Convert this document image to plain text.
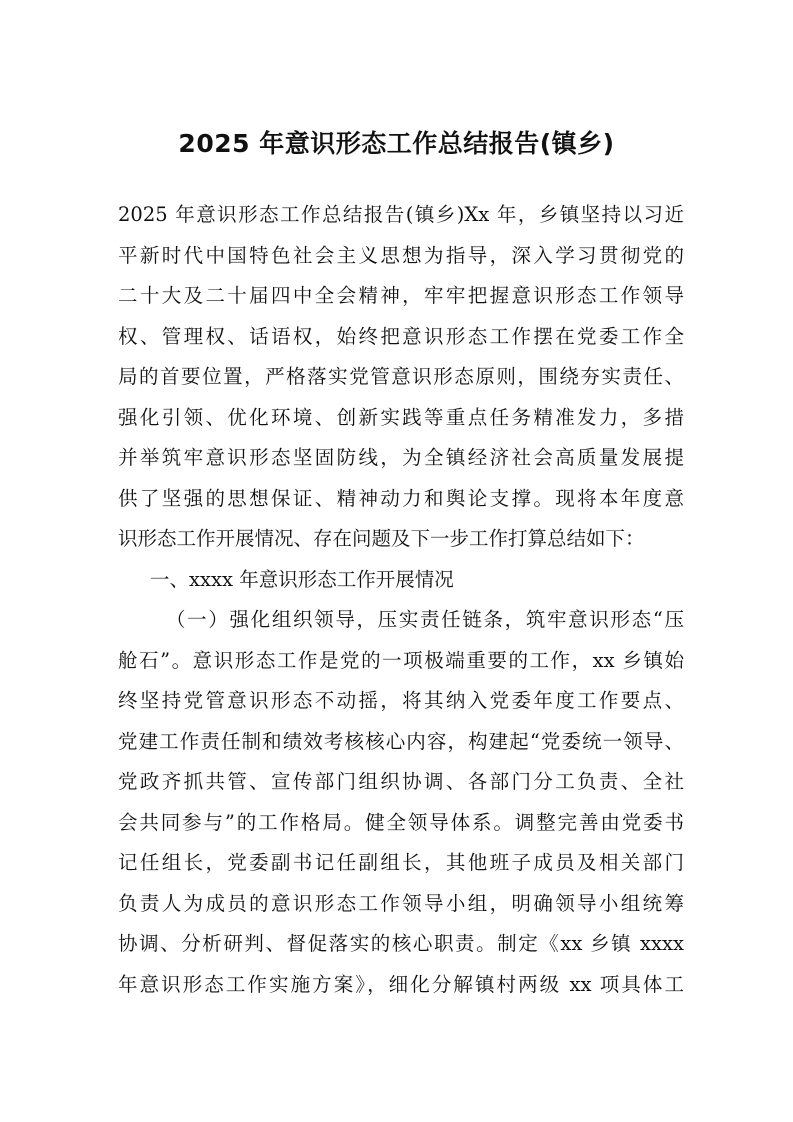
2025 年意识形态工作总结报告(镇乡)
2025 年意识形态工作总结报告(镇乡)Xx 年，乡镇坚持以习近
平新时代中国特色社会主义思想为指导，深入学习贯彻党的
二十大及二十届四中全会精神，牢牢把握意识形态工作领导
权、管理权、话语权，始终把意识形态工作摆在党委工作全
局的首要位置，严格落实党管意识形态原则，围绕夯实责任、
强化引领、优化环境、创新实践等重点任务精准发力，多措
并举筑牢意识形态坚固防线，为全镇经济社会高质量发展提
供了坚强的思想保证、精神动力和舆论支撑。现将本年度意
识形态工作开展情况、存在问题及下一步工作打算总结如下：
一、xxxx 年意识形态工作开展情况
（一）强化组织领导，压实责任链条，筑牢意识形态“压
舱石”。意识形态工作是党的一项极端重要的工作，xx 乡镇始
终坚持党管意识形态不动摇，将其纳入党委年度工作要点、
党建工作责任制和绩效考核核心内容，构建起“党委统一领导、
党政齐抓共管、宣传部门组织协调、各部门分工负责、全社
会共同参与”的工作格局。健全领导体系。调整完善由党委书
记任组长，党委副书记任副组长，其他班子成员及相关部门
负责人为成员的意识形态工作领导小组，明确领导小组统筹
协调、分析研判、督促落实的核心职责。制定《xx 乡镇 xxxx
年意识形态工作实施方案》，细化分解镇村两级 xx 项具体工
